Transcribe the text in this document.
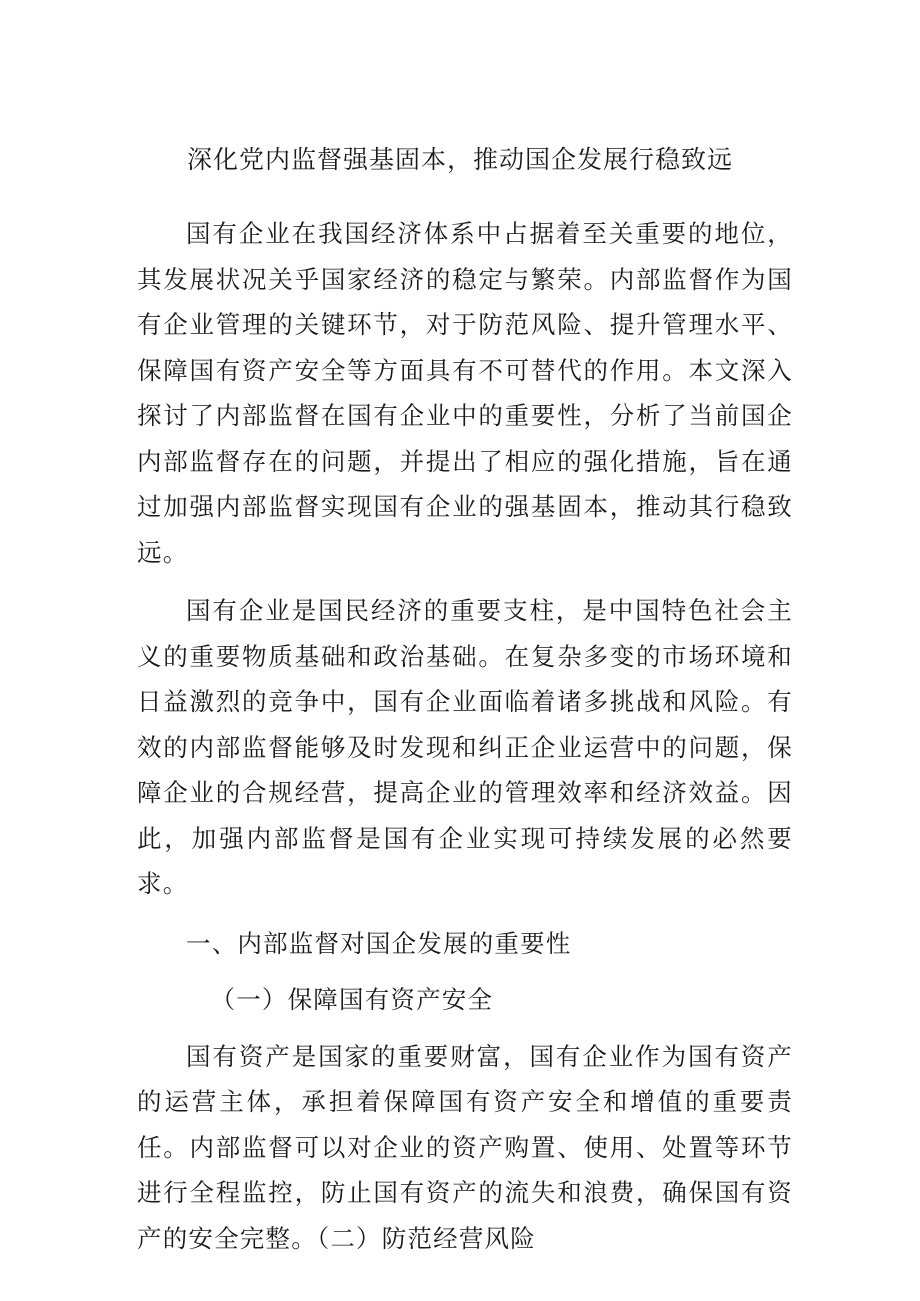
深化党内监督强基固本，推动国企发展行稳致远

国有企业在我国经济体系中占据着至关重要的地位，其发展状况关乎国家经济的稳定与繁荣。内部监督作为国有企业管理的关键环节，对于防范风险、提升管理水平、保障国有资产安全等方面具有不可替代的作用。本文深入探讨了内部监督在国有企业中的重要性，分析了当前国企内部监督存在的问题，并提出了相应的强化措施，旨在通过加强内部监督实现国有企业的强基固本，推动其行稳致远。

国有企业是国民经济的重要支柱，是中国特色社会主义的重要物质基础和政治基础。在复杂多变的市场环境和日益激烈的竞争中，国有企业面临着诸多挑战和风险。有效的内部监督能够及时发现和纠正企业运营中的问题，保障企业的合规经营，提高企业的管理效率和经济效益。因此，加强内部监督是国有企业实现可持续发展的必然要求。

一、内部监督对国企发展的重要性

（一）保障国有资产安全

国有资产是国家的重要财富，国有企业作为国有资产的运营主体，承担着保障国有资产安全和增值的重要责任。内部监督可以对企业的资产购置、使用、处置等环节进行全程监控，防止国有资产的流失和浪费，确保国有资产的安全完整。（二）防范经营风险
